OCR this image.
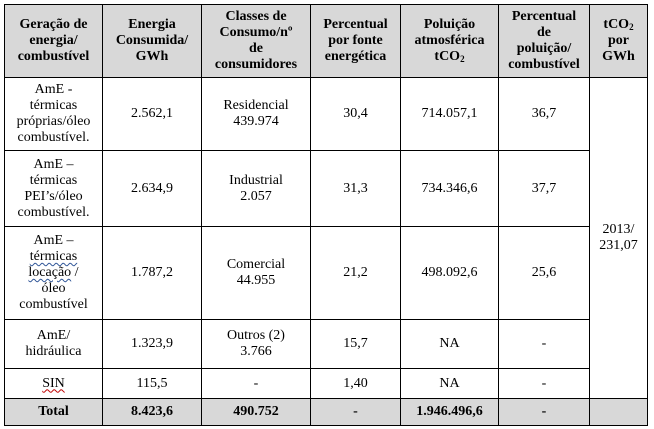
Geração de
energia/
combustível	Energia
Consumida/
GWh	Classes de
Consumo/nº
de
consumidores	Percentual
por fonte
energética	Poluição
atmosférica
tCO$_2$	Percentual
de
poluição/
combustível	tCO$_2$
por
GWh

AmE -
térmicas
próprias/óleo
combustível.	2.562,1	Residencial
439.974	30,4	714.057,1	36,7	2013/
231,07

AmE –
térmicas
PEI’s/óleo
combustível.	2.634,9	Industrial
2.057	31,3	734.346,6	37,7	

AmE –
térmicas
locação /
óleo
combustível	1.787,2	Comercial
44.955	21,2	498.092,6	25,6	

AmE/
hidráulica	1.323,9	Outros (2)
3.766	15,7	NA	-	
SIN	115,5	-	1,40	NA	-	
Total	8.423,6	490.752	-	1.946.496,6	-	
